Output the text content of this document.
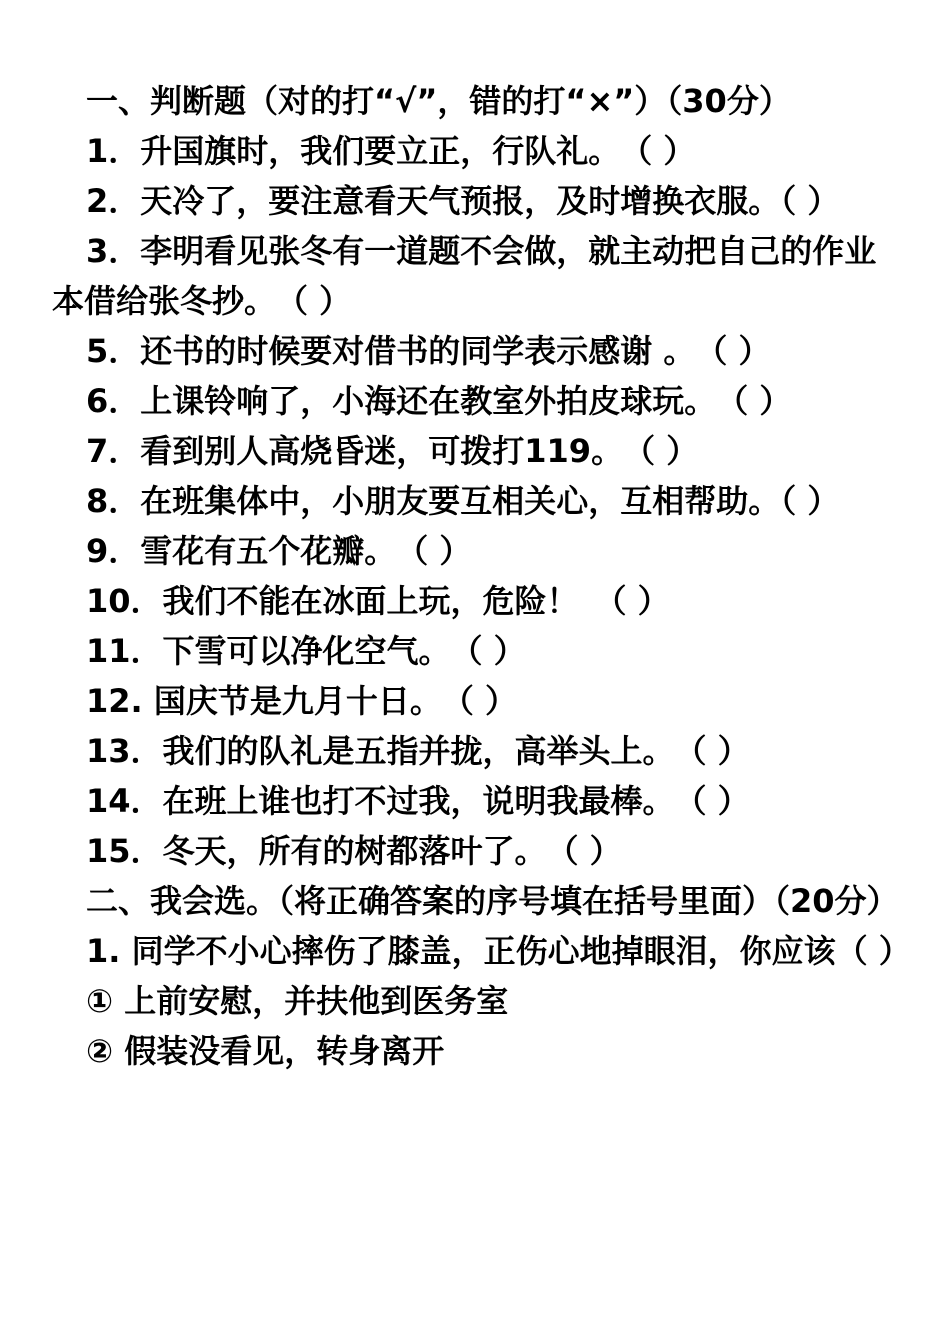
一、判断题（对的打“√”，错的打“×”）（30分）

1．升国旗时，我们要立正，行队礼。　（ ）

2．天冷了，要注意看天气预报，及时增换衣服。（ ）

3．李明看见张冬有一道题不会做，就主动把自己的作业本借给张冬抄。　（ ）

5．还书的时候要对借书的同学表示感谢 。　（ ）

6．上课铃响了，小海还在教室外拍皮球玩。　（ ）

7．看到别人高烧昏迷，可拨打119。　（ ）

8．在班集体中，小朋友要互相关心，互相帮助。（ ）

9．雪花有五个花瓣。　（ ）

10．我们不能在冰面上玩，危险！　（ ）

11．下雪可以净化空气。　（ ）

12. 国庆节是九月十日。　（ ）

13．我们的队礼是五指并拢，高举头上。　（ ）

14．在班上谁也打不过我，说明我最棒。　（ ）

15．冬天，所有的树都落叶了。　（ ）

二、我会选。（将正确答案的序号填在括号里面）（20分）

1. 同学不小心摔伤了膝盖，正伤心地掉眼泪，你应该（ ）

① 上前安慰，并扶他到医务室

② 假装没看见，转身离开
